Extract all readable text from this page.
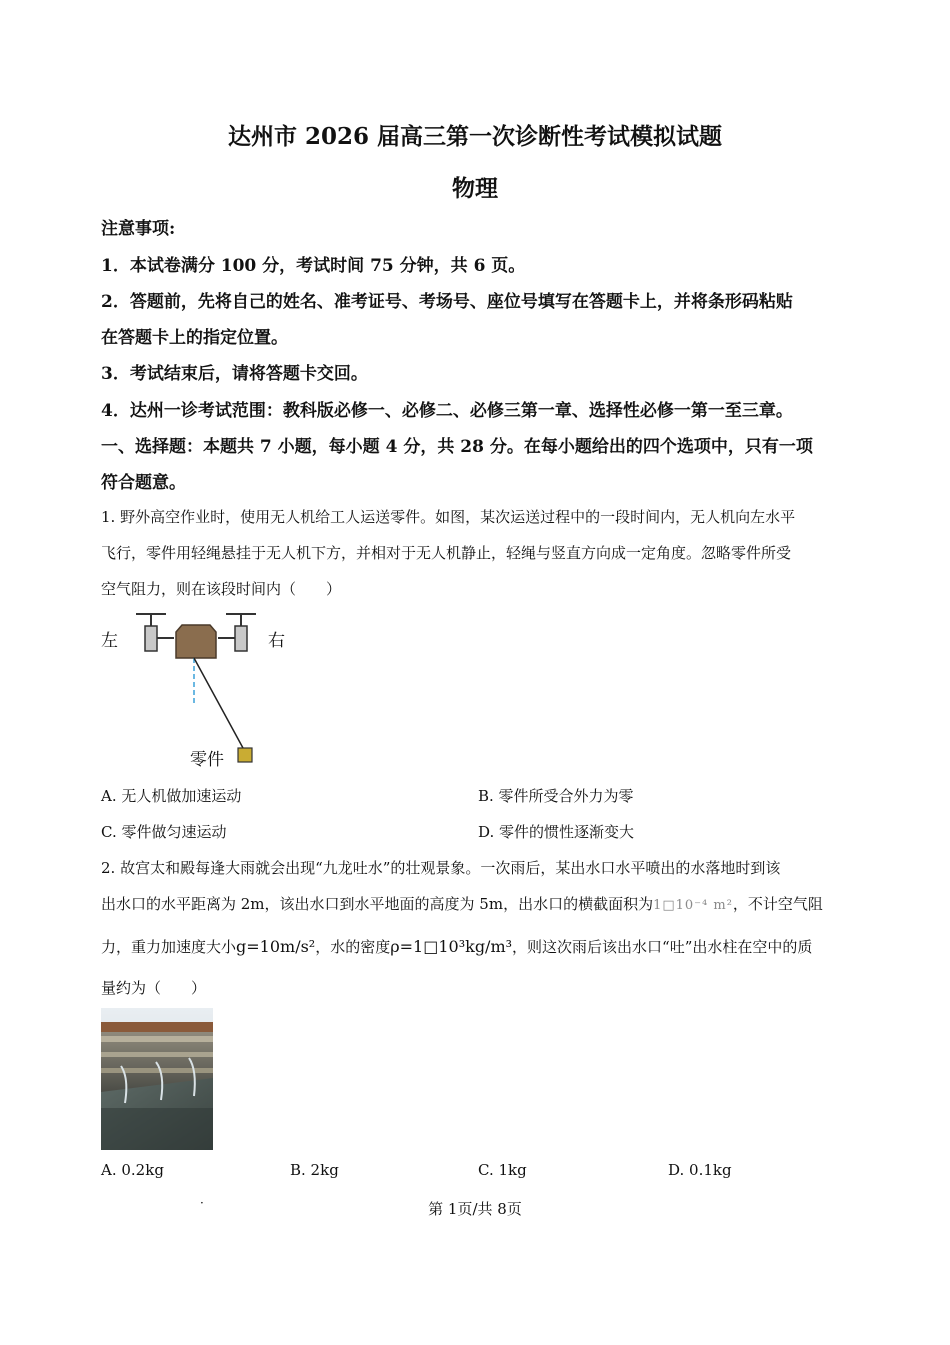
达州市 2026 届高三第一次诊断性考试模拟试题
物理
注意事项:
1．本试卷满分 100 分，考试时间 75 分钟，共 6 页。
2．答题前，先将自己的姓名、准考证号、考场号、座位号填写在答题卡上，并将条形码粘贴
在答题卡上的指定位置。
3．考试结束后，请将答题卡交回。
4．达州一诊考试范围：教科版必修一、必修二、必修三第一章、选择性必修一第一至三章。
一、选择题：本题共 7 小题，每小题 4 分，共 28 分。在每小题给出的四个选项中，只有一项
符合题意。
1. 野外高空作业时，使用无人机给工人运送零件。如图，某次运送过程中的一段时间内，无人机向左水平
飞行，零件用轻绳悬挂于无人机下方，并相对于无人机静止，轻绳与竖直方向成一定角度。忽略零件所受
空气阻力，则在该段时间内（　　）
左	右
零件
A. 无人机做加速运动	B. 零件所受合外力为零
C. 零件做匀速运动	D. 零件的惯性逐渐变大
2. 故宫太和殿每逢大雨就会出现“九龙吐水”的壮观景象。一次雨后，某出水口水平喷出的水落地时到该
出水口的水平距离为 2m，该出水口到水平地面的高度为 5m，出水口的横截面积为1□10⁻⁴ m²，不计空气阻
力，重力加速度大小g=10m/s²，水的密度ρ=1□10³kg/m³，则这次雨后该出水口“吐”出水柱在空中的质
量约为（　　）
A. 0.2kg	B. 2kg	C. 1kg	D. 0.1kg
·	第 1页/共 8页
